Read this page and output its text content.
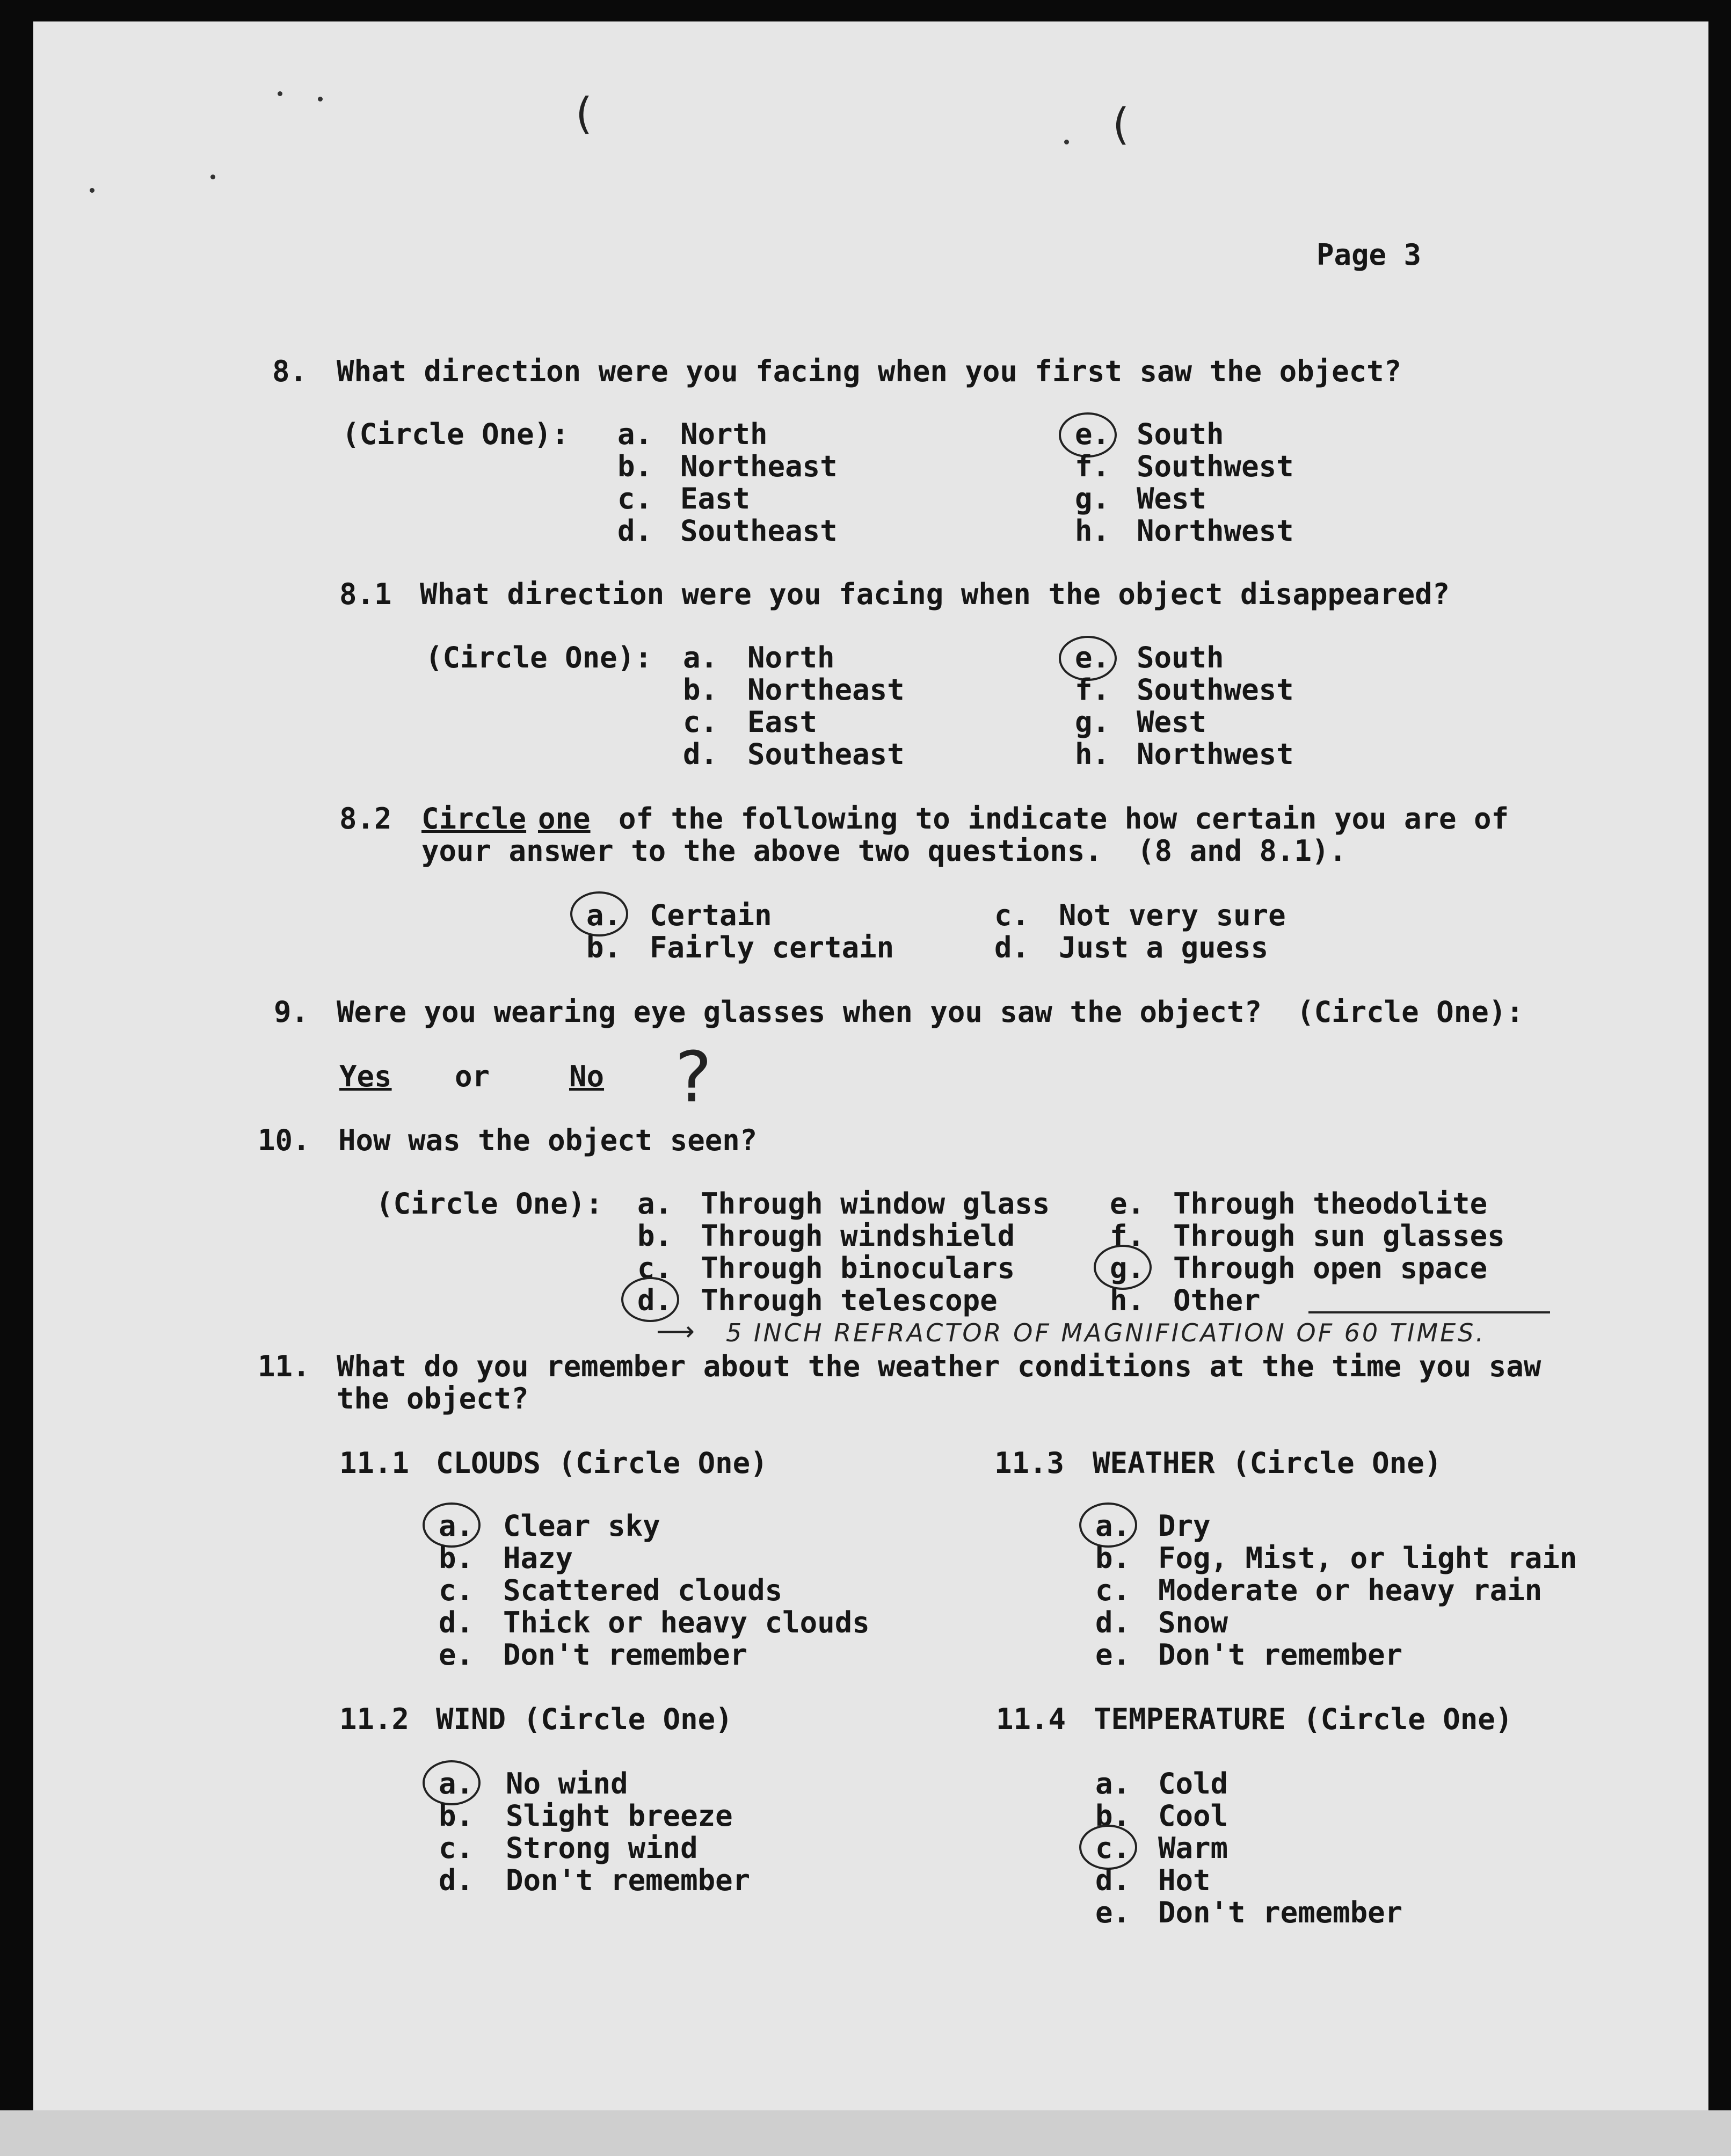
(	(
Page 3
8. What direction were you facing when you first saw the object?
(Circle One): a. North
b. Northeast
c. East
d. Southeast
e. South
f. Southwest
g. West
h. Northwest
8.1 What direction were you facing when the object disappeared?
(Circle One): a. North
b. Northeast
c. East
d. Southeast
e. South
f. Southwest
g. West
h. Northwest
8.2 Circle one of the following to indicate how certain you are of
your answer to the above two questions.  (8 and 8.1).
a. Certain
b. Fairly certain
c. Not very sure
d. Just a guess
9. Were you wearing eye glasses when you saw the object?  (Circle One):
Yes or	No ?
10. How was the object seen?
(Circle One): a. Through window glass
b. Through windshield
c. Through binoculars
d. Through telescope
e. Through theodolite
f. Through sun glasses
g. Through open space
h. Other
⟶ 5 INCH REFRACTOR OF MAGNIFICATION OF 60 TIMES.
11. What do you remember about the weather conditions at the time you saw
the object?
11.1 CLOUDS (Circle One)
a. Clear sky
b. Hazy
c. Scattered clouds
d. Thick or heavy clouds
e. Don't remember
11.3 WEATHER (Circle One)
a. Dry
b. Fog, Mist, or light rain
c. Moderate or heavy rain
d. Snow
e. Don't remember
11.2 WIND (Circle One)
a. No wind
b. Slight breeze
c. Strong wind
d. Don't remember
11.4 TEMPERATURE (Circle One)
a. Cold
b. Cool
c. Warm
d. Hot
e. Don't remember
